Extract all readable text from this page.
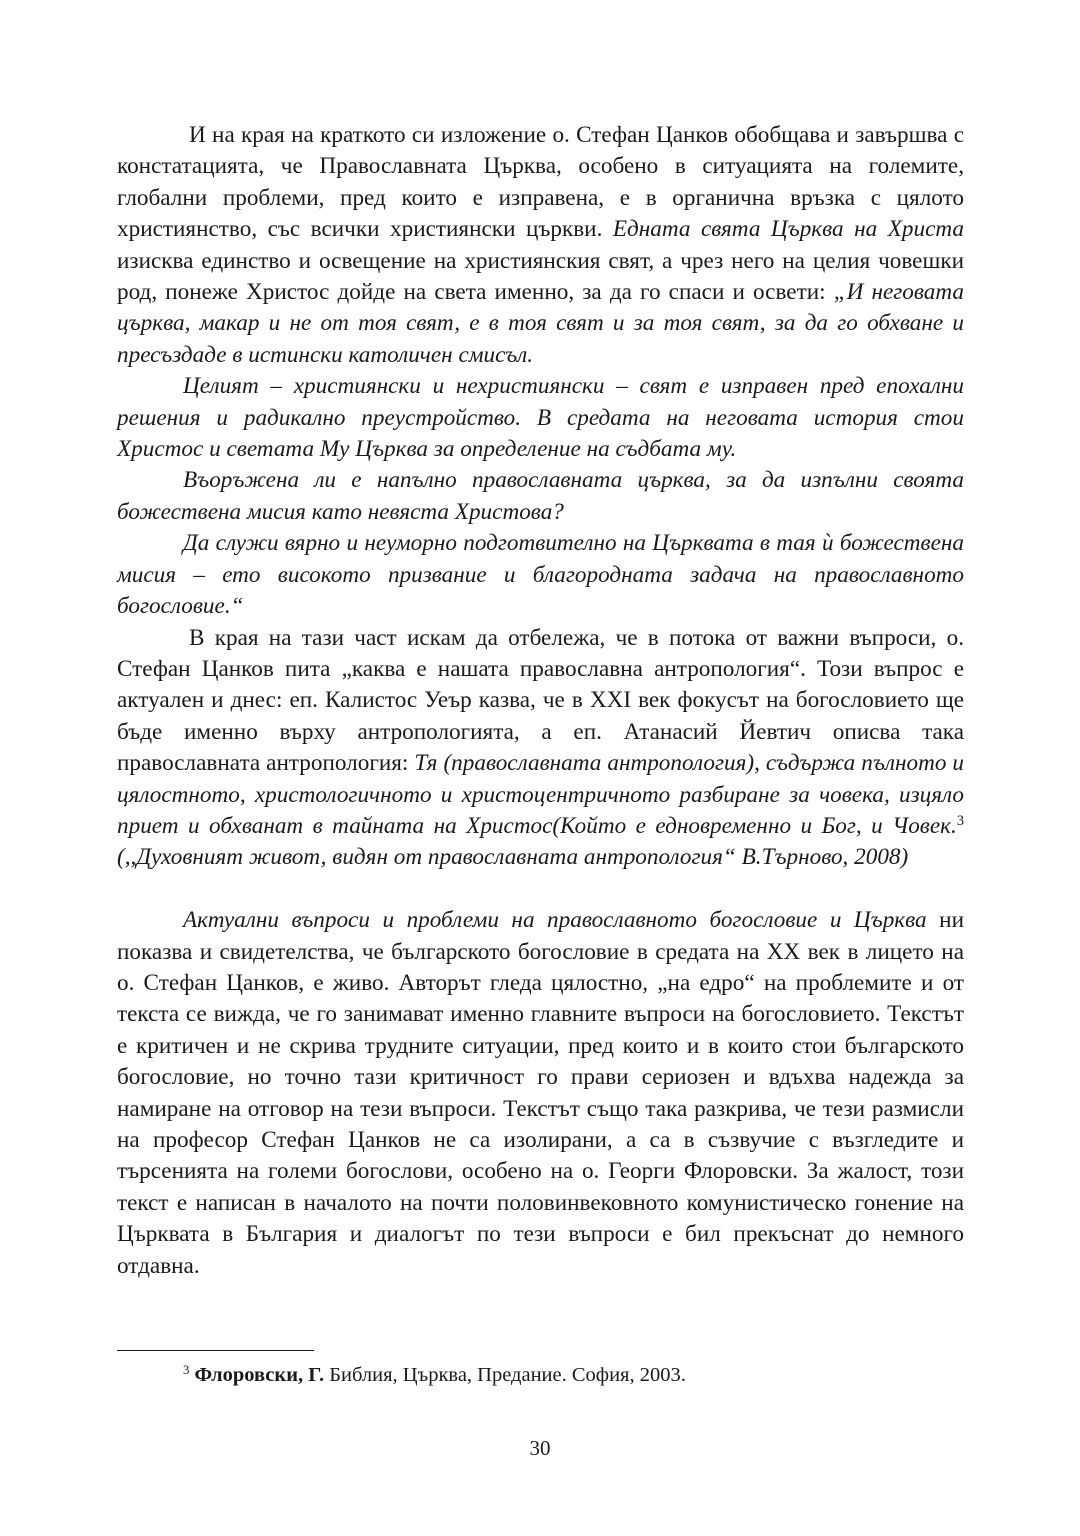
И на края на краткото си изложение о. Стефан Цанков обобщава и завършва с констатацията, че Православната Църква, особено в ситуацията на големите, глобални проблеми, пред които е изправена, е в органична връзка с цялото християнство, със всички християнски църкви. Едната свята Църква на Христа изисква единство и освещение на християнския свят, а чрез него на целия човешки род, понеже Христос дойде на света именно, за да го спаси и освети: „И неговата църква, макар и не от тоя свят, е в тоя свят и за тоя свят, за да го обхване и пресъздаде в истински католичен смисъл.

Целият – християнски и нехристиянски – свят е изправен пред епохални решения и радикално преустройство. В средата на неговата история стои Христос и светата Му Църква за определение на съдбата му.

Въоръжена ли е напълно православната църква, за да изпълни своята божествена мисия като невяста Христова?

Да служи вярно и неуморно подготвително на Църквата в тая ѝ божествена мисия – ето високото призвание и благородната задача на православното богословие.“

В края на тази част искам да отбележа, че в потока от важни въпроси, о. Стефан Цанков пита „каква е нашата православна антропология“. Този въпрос е актуален и днес: еп. Калистос Уеър казва, че в XXI век фокусът на богословието ще бъде именно върху антропологията, а еп. Атанасий Йевтич описва така православната антропология: Тя (православната антропология), съдържа пълното и цялостното, христологичното и христоцентричното разбиране за човека, изцяло приет и обхванат в тайната на Христос(Който е едновременно и Бог, и Човек.$^3$ (,,Духовният живот, видян от православната антропология“ В.Търново, 2008)

Актуални въпроси и проблеми на православното богословие и Църква ни показва и свидетелства, че българското богословие в средата на XX век в лицето на о. Стефан Цанков, е живо. Авторът гледа цялостно, „на едро“ на проблемите и от текста се вижда, че го занимават именно главните въпроси на богословието. Текстът е критичен и не скрива трудните ситуации, пред които и в които стои българското богословие, но точно тази критичност го прави сериозен и вдъхва надежда за намиране на отговор на тези въпроси. Текстът също така разкрива, че тези размисли на професор Стефан Цанков не са изолирани, а са в съзвучие с възгледите и търсенията на големи богослови, особено на о. Георги Флоровски. За жалост, този текст е написан в началото на почти половинвековното комунистическо гонение на Църквата в България и диалогът по тези въпроси е бил прекъснат до немного отдавна.

$^3$ Флоровски, Г. Библия, Църква, Предание. София, 2003.
30
